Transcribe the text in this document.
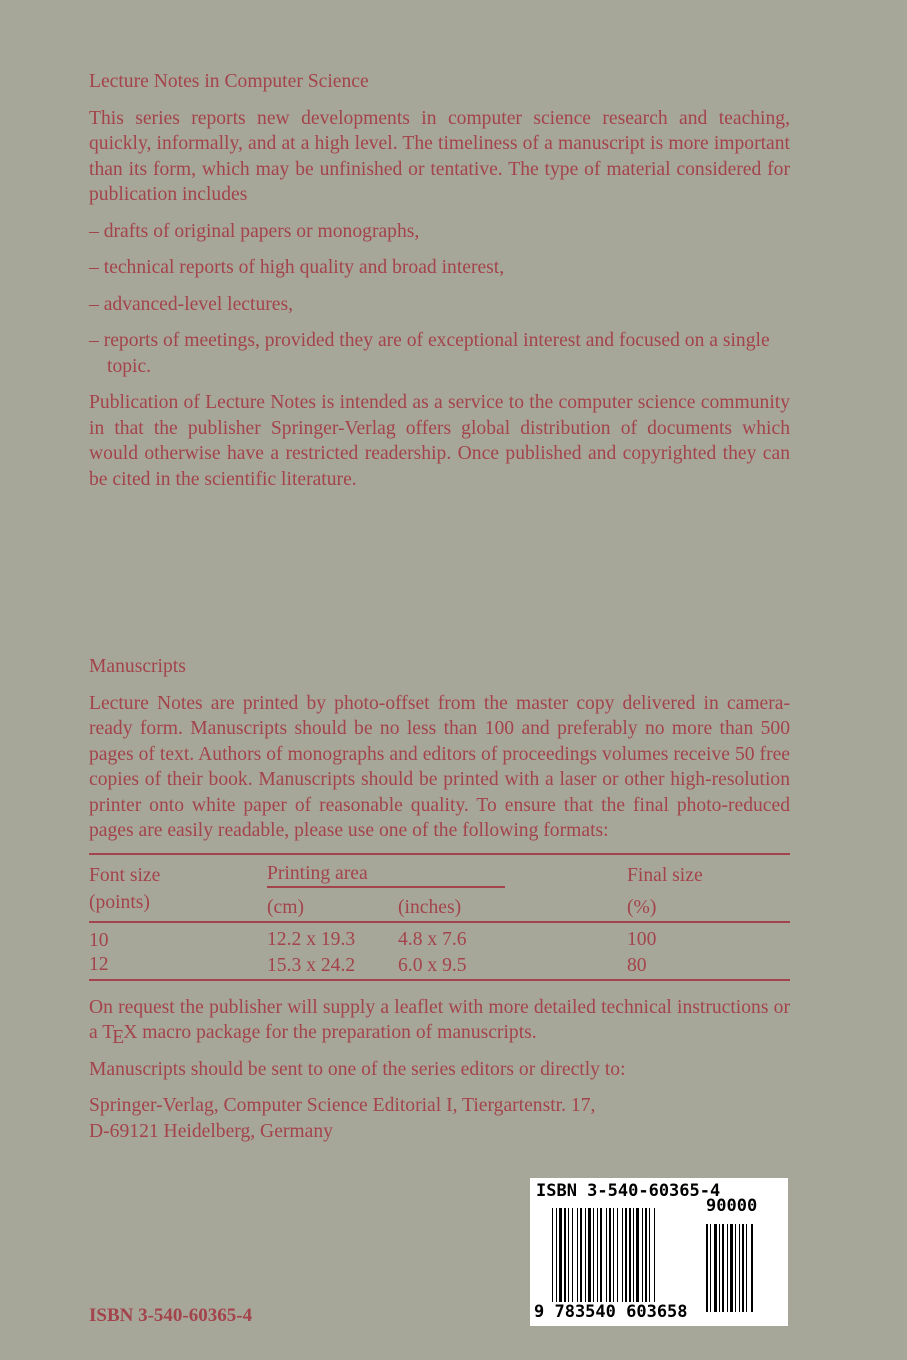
Lecture Notes in Computer Science

This series reports new developments in computer science research and teaching, quickly, informally, and at a high level. The timeliness of a manuscript is more important than its form, which may be unfinished or tentative. The type of material considered for publication includes

– drafts of original papers or monographs,

– technical reports of high quality and broad interest,

– advanced-level lectures,

– reports of meetings, provided they are of exceptional interest and focused on a single topic.

Publication of Lecture Notes is intended as a service to the computer science community in that the publisher Springer-Verlag offers global distribution of documents which would otherwise have a restricted readership. Once published and copyrighted they can be cited in the scientific literature.

Manuscripts

Lecture Notes are printed by photo-offset from the master copy delivered in camera-ready form. Manuscripts should be no less than 100 and preferably no more than 500 pages of text. Authors of monographs and editors of proceedings volumes receive 50 free copies of their book. Manuscripts should be printed with a laser or other high-resolution printer onto white paper of reasonable quality. To ensure that the final photo-reduced pages are easily readable, please use one of the following formats:

Font size	Printing area		Final size
(points)	(cm)	(inches)	(%)
10	12.2 x 19.3	4.8 x 7.6	100
12	15.3 x 24.2	6.0 x 9.5	80

On request the publisher will supply a leaflet with more detailed technical instructions or a TEX macro package for the preparation of manuscripts.

Manuscripts should be sent to one of the series editors or directly to:

Springer-Verlag, Computer Science Editorial I, Tiergartenstr. 17,
D-69121 Heidelberg, Germany
ISBN 3-540-60365-4
ISBN 3-540-60365-4
90000
9 783540 603658
